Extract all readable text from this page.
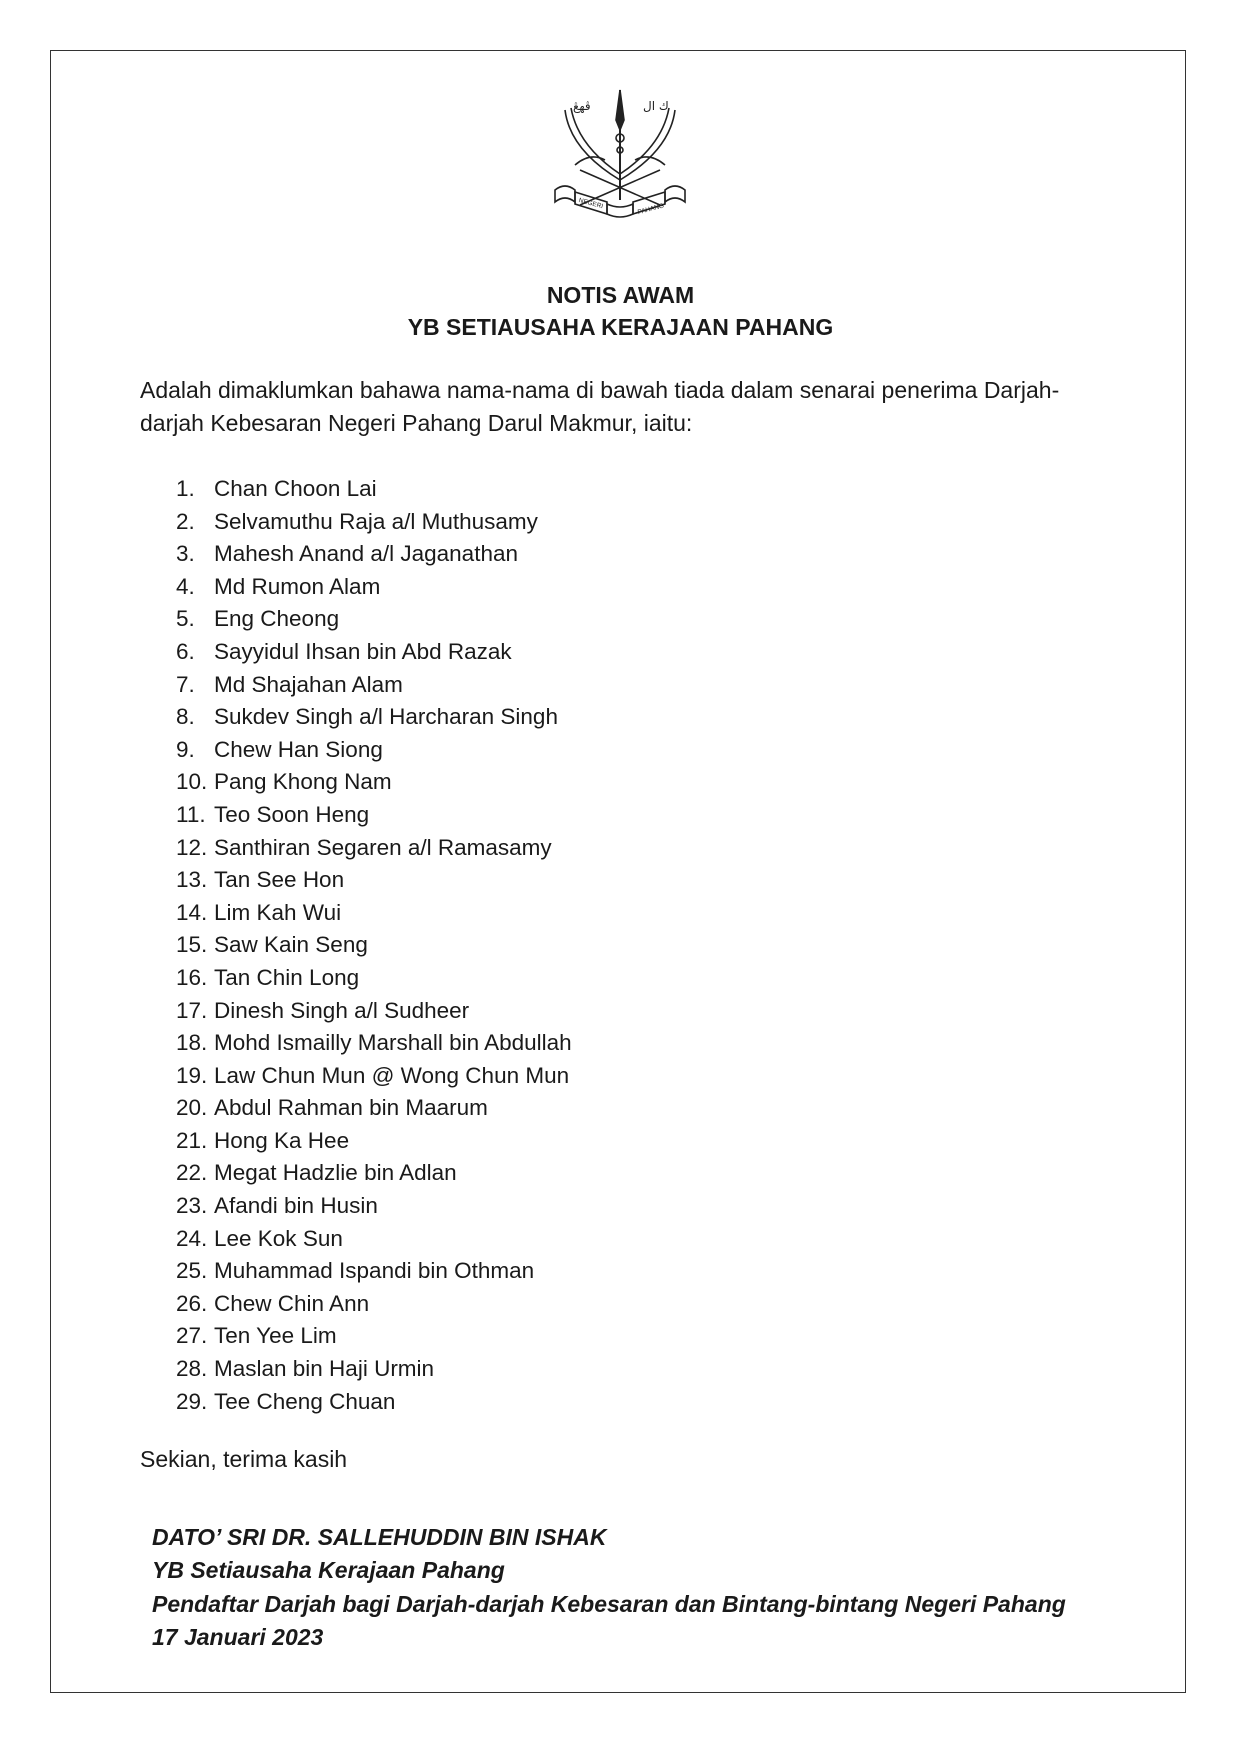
ڤهڠ	ك ال
NEGERI	PAHANG
NOTIS AWAM
YB SETIAUSAHA KERAJAAN PAHANG
Adalah dimaklumkan bahawa nama-nama di bawah tiada dalam senarai penerima Darjah-darjah Kebesaran Negeri Pahang Darul Makmur, iaitu:
1. Chan Choon Lai
2. Selvamuthu Raja a/l Muthusamy
3. Mahesh Anand a/l Jaganathan
4. Md Rumon Alam
5. Eng Cheong
6. Sayyidul Ihsan bin Abd Razak
7. Md Shajahan Alam
8. Sukdev Singh a/l Harcharan Singh
9. Chew Han Siong
10. Pang Khong Nam
11. Teo Soon Heng
12. Santhiran Segaren a/l Ramasamy
13. Tan See Hon
14. Lim Kah Wui
15. Saw Kain Seng
16. Tan Chin Long
17. Dinesh Singh a/l Sudheer
18. Mohd Ismailly Marshall bin Abdullah
19. Law Chun Mun @ Wong Chun Mun
20. Abdul Rahman bin Maarum
21. Hong Ka Hee
22. Megat Hadzlie bin Adlan
23. Afandi bin Husin
24. Lee Kok Sun
25. Muhammad Ispandi bin Othman
26. Chew Chin Ann
27. Ten Yee Lim
28. Maslan bin Haji Urmin
29. Tee Cheng Chuan
Sekian, terima kasih
DATO’ SRI DR. SALLEHUDDIN BIN ISHAK
YB Setiausaha Kerajaan Pahang
Pendaftar Darjah bagi Darjah-darjah Kebesaran dan Bintang-bintang Negeri Pahang
17 Januari 2023
